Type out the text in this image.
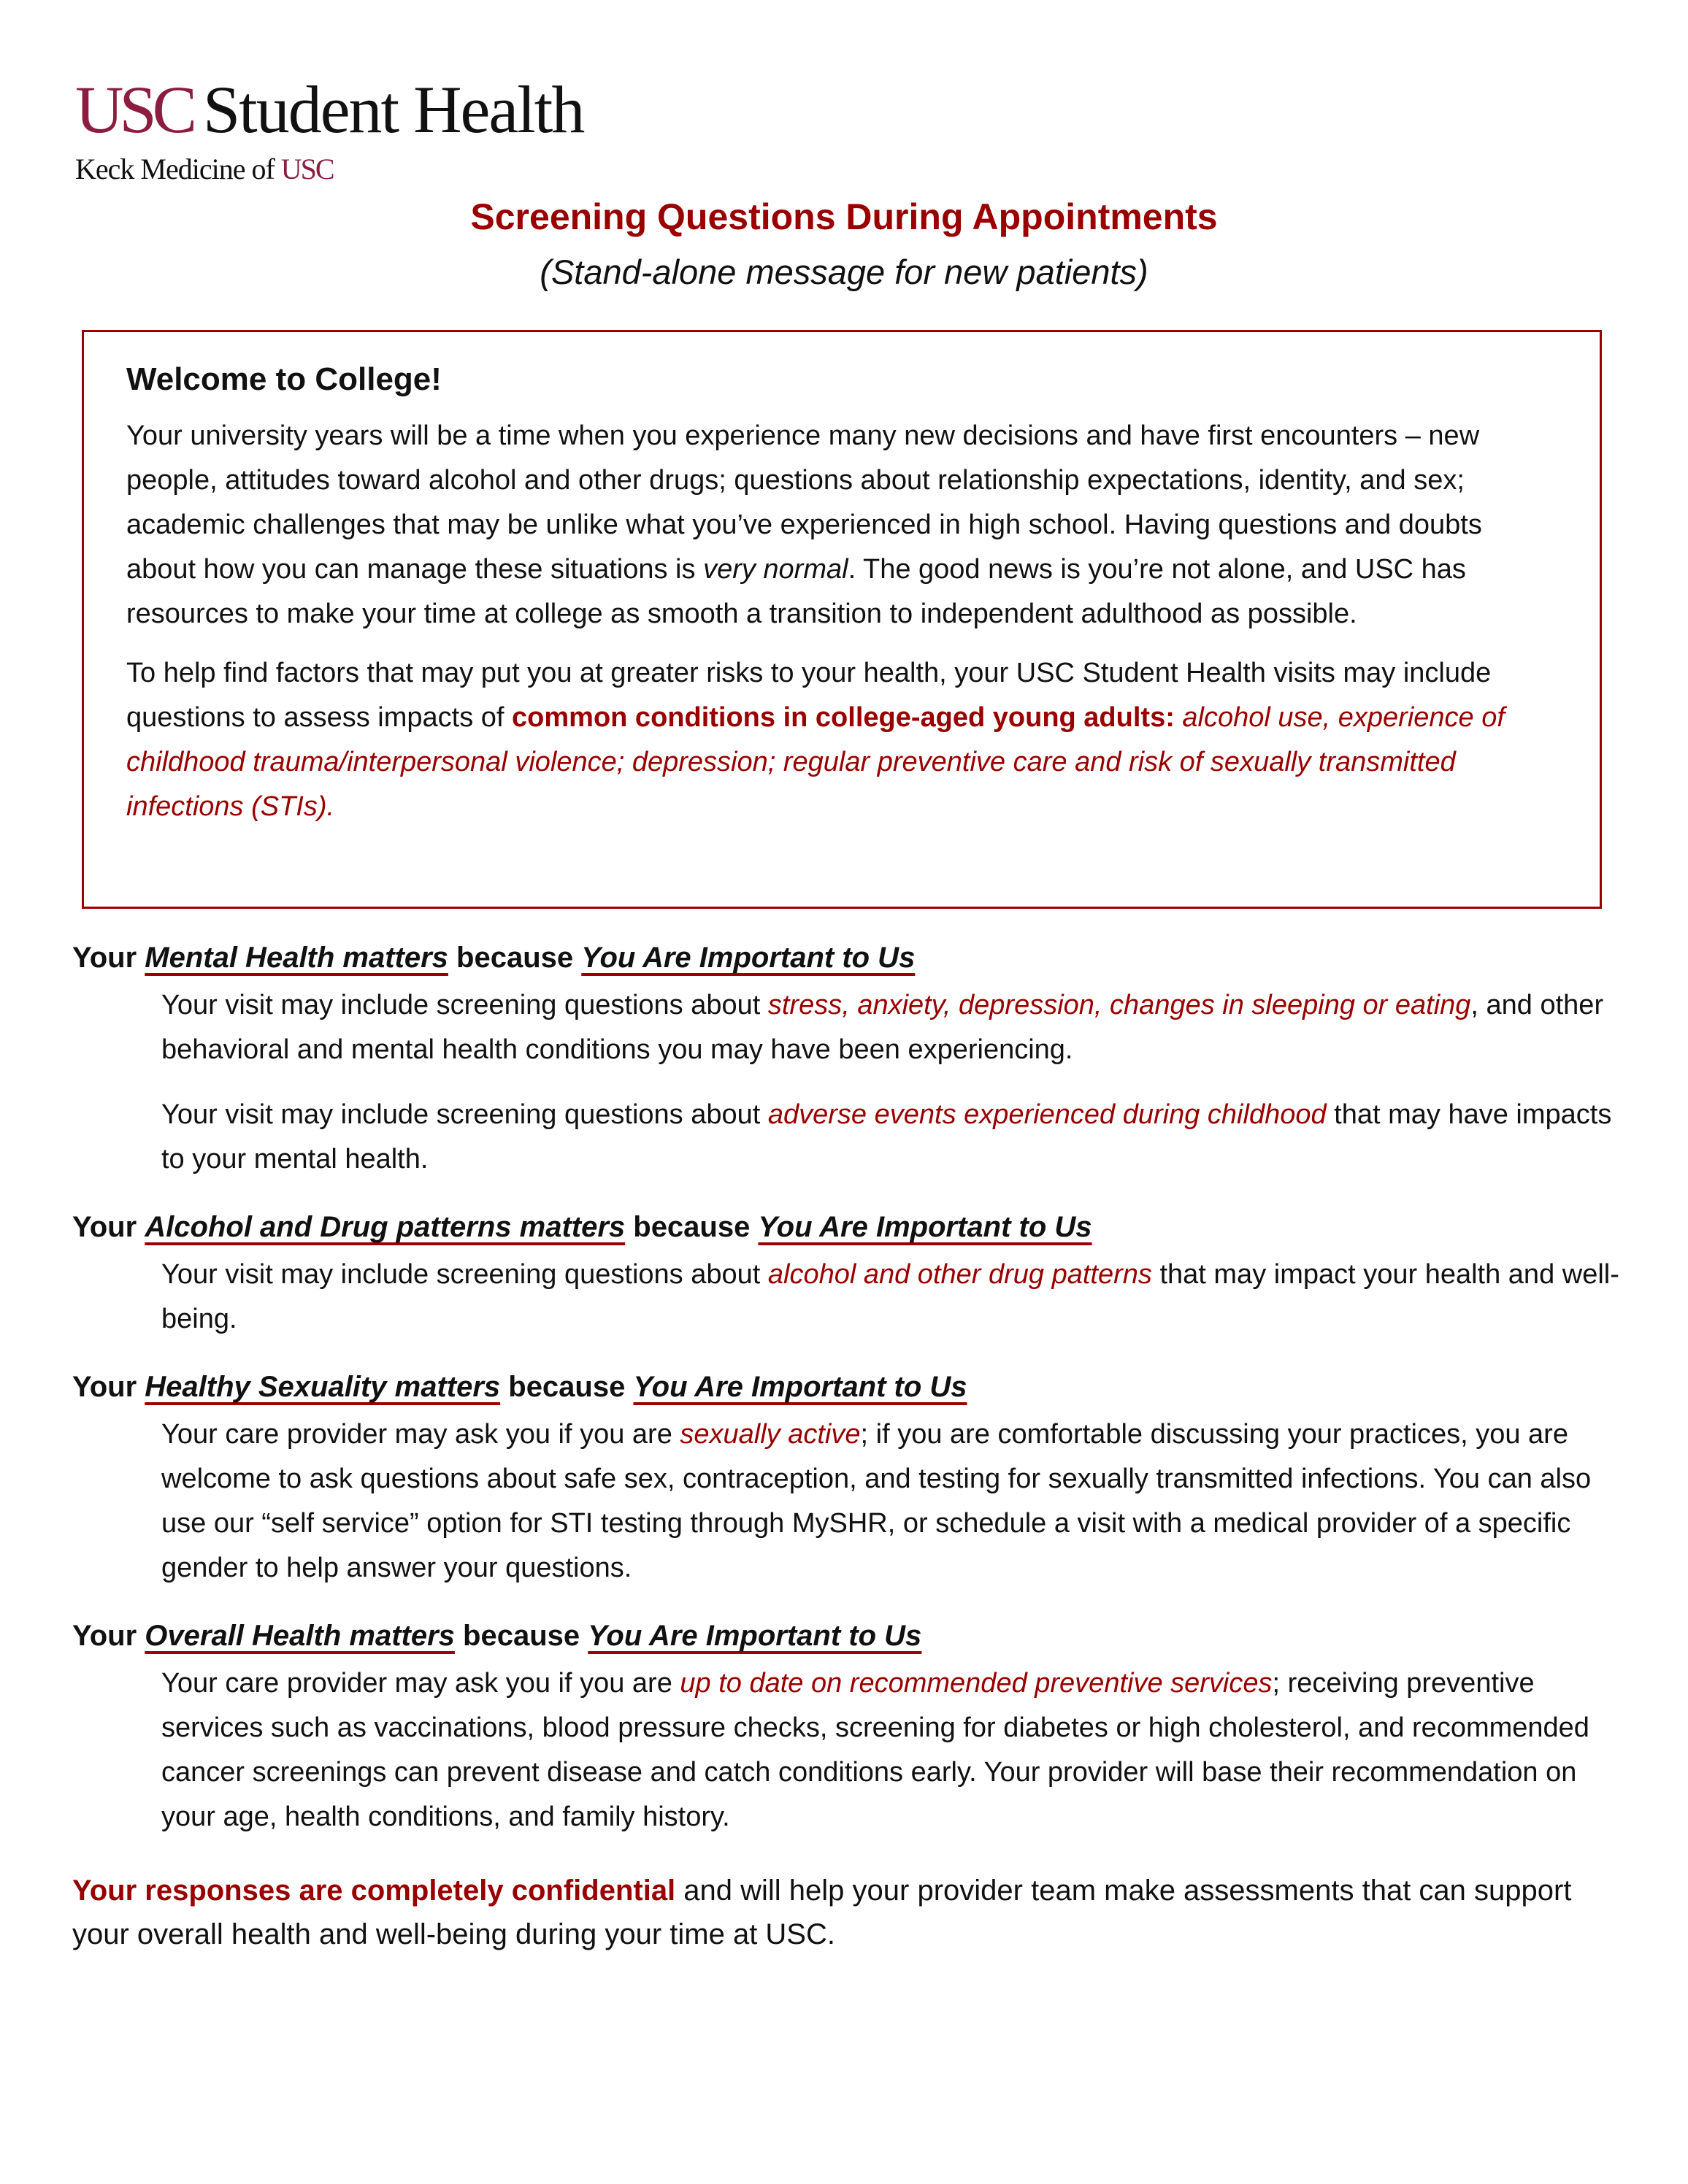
USC Student Health
Keck Medicine of USC
Screening Questions During Appointments
(Stand-alone message for new patients)
Welcome to College!

Your university years will be a time when you experience many new decisions and have first encounters – new people, attitudes toward alcohol and other drugs; questions about relationship expectations, identity, and sex; academic challenges that may be unlike what you’ve experienced in high school. Having questions and doubts about how you can manage these situations is very normal. The good news is you’re not alone, and USC has resources to make your time at college as smooth a transition to independent adulthood as possible.

To help find factors that may put you at greater risks to your health, your USC Student Health visits may include questions to assess impacts of common conditions in college-aged young adults: alcohol use, experience of childhood trauma/interpersonal violence; depression; regular preventive care and risk of sexually transmitted infections (STIs).

Your Mental Health matters because You Are Important to Us

Your visit may include screening questions about stress, anxiety, depression, changes in sleeping or eating, and other behavioral and mental health conditions you may have been experiencing.

Your visit may include screening questions about adverse events experienced during childhood that may have impacts to your mental health.

Your Alcohol and Drug patterns matters because You Are Important to Us

Your visit may include screening questions about alcohol and other drug patterns that may impact your health and well-being.

Your Healthy Sexuality matters because You Are Important to Us

Your care provider may ask you if you are sexually active; if you are comfortable discussing your practices, you are welcome to ask questions about safe sex, contraception, and testing for sexually transmitted infections. You can also use our “self service” option for STI testing through MySHR, or schedule a visit with a medical provider of a specific gender to help answer your questions.

Your Overall Health matters because You Are Important to Us

Your care provider may ask you if you are up to date on recommended preventive services; receiving preventive services such as vaccinations, blood pressure checks, screening for diabetes or high cholesterol, and recommended cancer screenings can prevent disease and catch conditions early. Your provider will base their recommendation on your age, health conditions, and family history.

Your responses are completely confidential and will help your provider team make assessments that can support your overall health and well-being during your time at USC.
